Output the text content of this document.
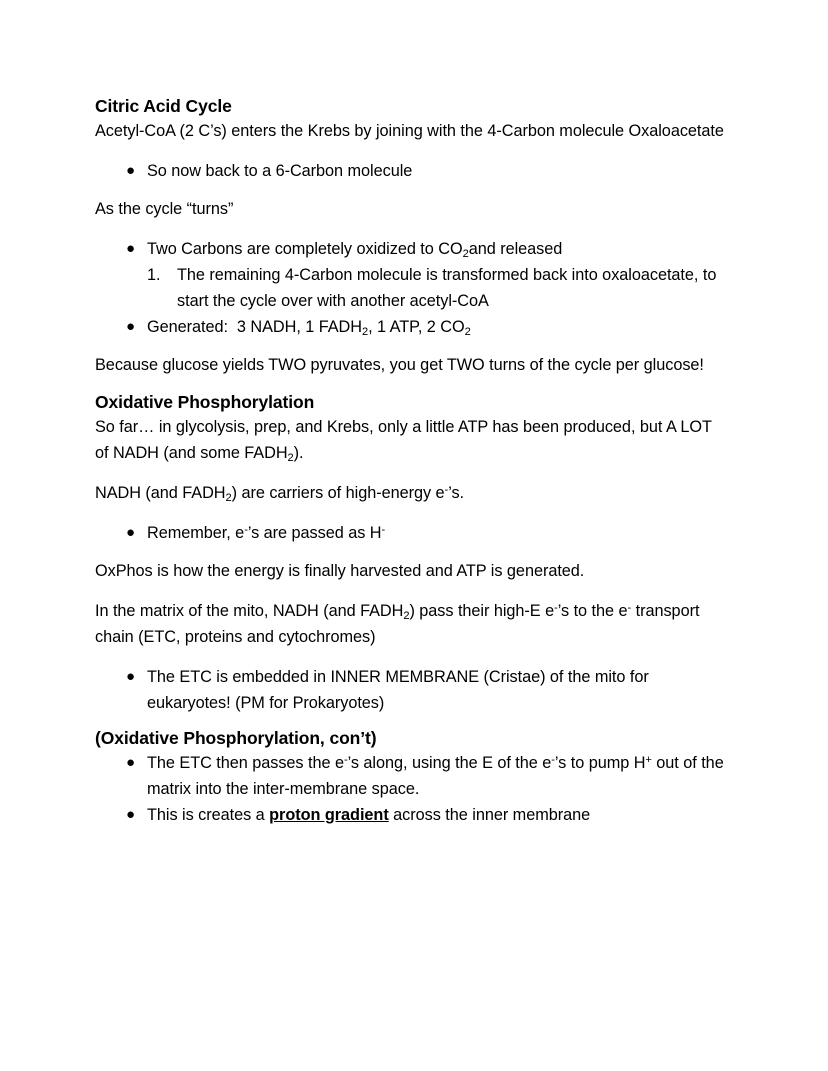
Citric Acid Cycle

Acetyl-CoA (2 C’s) enters the Krebs by joining with the 4-Carbon molecule Oxaloacetate

● So now back to a 6-Carbon molecule

As the cycle “turns”

● Two Carbons are completely oxidized to $CO_2and$ released
1. The remaining 4-Carbon molecule is transformed back into oxaloacetate, to start the cycle over with another acetyl-CoA
● Generated:  3 NADH, 1 $FADH_2$, 1 ATP, 2 $CO_2$

Because glucose yields TWO pyruvates, you get TWO turns of the cycle per glucose!

Oxidative Phosphorylation

So far… in glycolysis, prep, and Krebs, only a little ATP has been produced, but A LOT of NADH (and some $FADH_2$).

NADH (and $FADH_2$) are carriers of high-energy e-’s.

● Remember, e-’s are passed as H-

OxPhos is how the energy is finally harvested and ATP is generated.

In the matrix of the mito, NADH (and $FADH_2$) pass their high-E e-’s to the e- transport chain (ETC, proteins and cytochromes)

● The ETC is embedded in INNER MEMBRANE (Cristae) of the mito for eukaryotes! (PM for Prokaryotes)
(Oxidative Phosphorylation, con’t)
● The ETC then passes the e-’s along, using the E of the e-’s to pump H+ out of the matrix into the inter-membrane space.
● This is creates a proton gradient across the inner membrane
